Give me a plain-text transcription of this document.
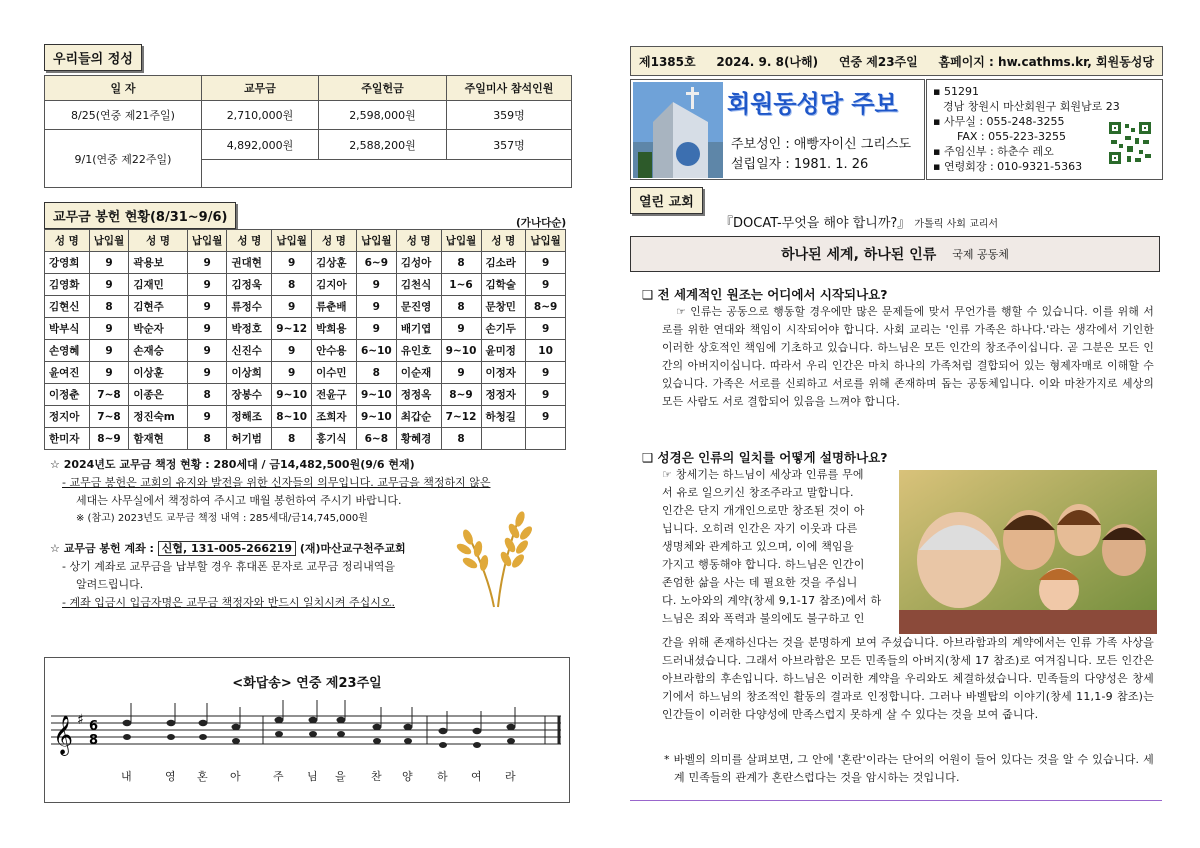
우리들의 정성
일 자	교무금	주일헌금	주일미사 참석인원
8/25(연중 제21주일)	2,710,000원	2,598,000원	359명
9/1(연중 제22주일)	4,892,000원	2,588,200원	357명

교무금 봉헌 현황(8/31~9/6)	(가나다순)
성 명	납입월	성 명	납입월	성 명	납입월	성 명	납입월	성 명	납입월	성 명	납입월
강영희	9	곽용보	9	권대현	9	김상훈	6~9	김성아	8	김소라	9
김영화	9	김재민	9	김정욱	8	김지아	9	김천식	1~6	김학술	9
김현신	8	김현주	9	류정수	9	류춘배	9	문진영	8	문창민	8~9
박부식	9	박순자	9	박정호	9~12	박희용	9	배기엽	9	손기두	9
손영혜	9	손재승	9	신진수	9	안수용	6~10	유인호	9~10	윤미정	10
윤여진	9	이상훈	9	이상희	9	이수민	8	이순재	9	이정자	9
이정춘	7~8	이종은	8	장봉수	9~10	전윤구	9~10	정정옥	8~9	정정자	9
정지아	7~8	정진숙m	9	정해조	8~10	조희자	9~10	최갑순	7~12	하청길	9
한미자	8~9	함재현	8	허기범	8	홍기식	6~8	황혜경	8		
☆ 2024년도 교무금 책정 현황 : 280세대 / 금14,482,500원(9/6 현재)
- 교무금 봉헌은 교회의 유지와 발전을 위한 신자들의 의무입니다. 교무금을 책정하지 않은
세대는 사무실에서 책정하여 주시고 매월 봉헌하여 주시기 바랍니다.
※ (참고) 2023년도 교무금 책정 내역 : 285세대/금14,745,000원
☆ 교무금 봉헌 계좌 : 신협, 131-005-266219 (재)마산교구천주교회
- 상기 계좌로 교무금을 납부할 경우 휴대폰 문자로 교무금 정리내역을
알려드립니다.
- 계좌 입금시 입금자명은 교무금 책정자와 반드시 일치시켜 주십시오.
<화답송> 연중 제23주일
𝄞 ♯ 6
8
내	영 혼 아	주 님 을 찬 양 하 여 라
제1385호 2024. 9. 8(나해) 연중 제23주일 홈페이지 : hw.cathms.kr, 회원동성당
회원동성당 주보
주보성인 : 애빵자이신 그리스도
설립일자 : 1981. 1. 26
▪ 51291
경남 창원시 마산회원구 회원남로 23
▪ 사무실 : 055-248-3255
FAX : 055-223-3255
▪ 주임신부 : 하춘수 레오
▪ 연령회장 : 010-9321-5363
열린 교회
『DOCAT-무엇을 해야 합니까?』 가톨릭 사회 교리서
하나된 세계, 하나된 인류 국제 공동체
❑ 전 세계적인 원조는 어디에서 시작되나요?
☞ 인류는 공동으로 행동할 경우에만 많은 문제들에 맞서 무언가를 행할 수 있습니다. 이를 위해 서로를 위한 연대와 책임이 시작되어야 합니다. 사회 교리는 '인류 가족은 하나다.'라는 생각에서 기인한 이러한 상호적인 책임에 기초하고 있습니다. 하느님은 모든 인간의 창조주이십니다. 곧 그분은 모든 인간의 아버지이십니다. 따라서 우리 인간은 마치 하나의 가족처럼 결합되어 있는 형제자매로 이해할 수 있습니다. 가족은 서로를 신뢰하고 서로를 위해 존재하며 돕는 공동체입니다. 이와 마찬가지로 세상의 모든 사람도 서로 결합되어 있음을 느껴야 합니다.
❑ 성경은 인류의 일치를 어떻게 설명하나요?
☞ 창세기는 하느님이 세상과 인류를 무에
서 유로 일으키신 창조주라고 말합니다.
인간은 단지 개개인으로만 창조된 것이 아
닙니다. 오히려 인간은 자기 이웃과 다른
생명체와 관계하고 있으며, 이에 책임을
가지고 행동해야 합니다. 하느님은 인간이
존엄한 삶을 사는 데 필요한 것을 주십니
다. 노아와의 계약(창세 9,1-17 참조)에서 하
느님은 죄와 폭력과 불의에도 불구하고 인
간을 위해 존재하신다는 것을 분명하게 보여 주셨습니다. 아브라함과의 계약에서는 인류 가족 사상을 드러내셨습니다. 그래서 아브라함은 모든 민족들의 아버지(창세 17 참조)로 여겨집니다. 모든 인간은 아브라함의 후손입니다. 하느님은 이러한 계약을 우리와도 체결하셨습니다. 민족들의 다양성은 창세기에서 하느님의 창조적인 활동의 결과로 인정합니다. 그러나 바벨탑의 이야기(창세 11,1-9 참조)는 인간들이 이러한 다양성에 만족스럽지 못하게 살 수 있다는 것을 보여 줍니다.
* 바벨의 의미를 살펴보면, 그 안에 '혼란'이라는 단어의 어원이 들어 있다는 것을 알 수 있습니다. 세계 민족들의 관계가 혼란스럽다는 것을 암시하는 것입니다.
